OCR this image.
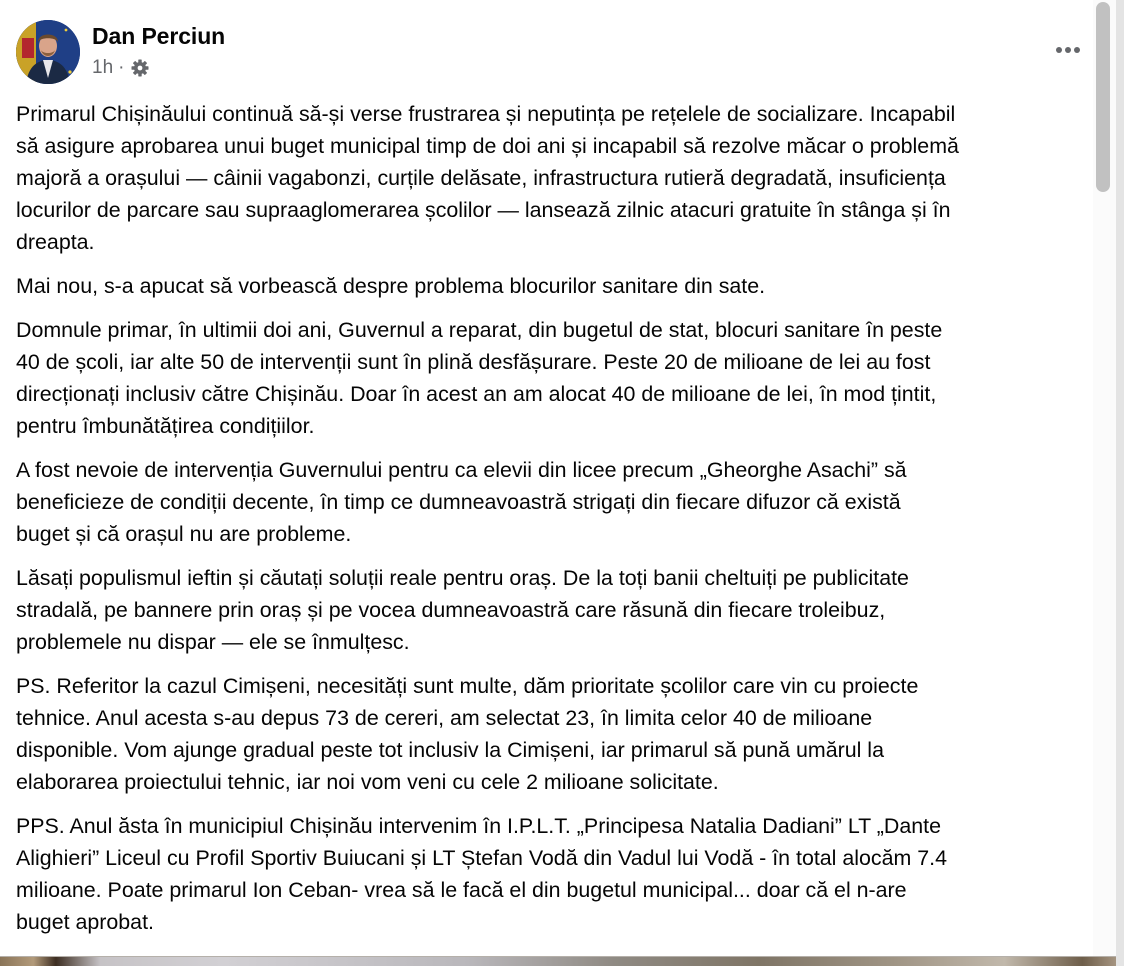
Dan Perciun
1h ·

Primarul Chișinăului continuă să-și verse frustrarea și neputința pe rețelele de socializare. Incapabil
să asigure aprobarea unui buget municipal timp de doi ani și incapabil să rezolve măcar o problemă
majoră a orașului — câinii vagabonzi, curțile delăsate, infrastructura rutieră degradată, insuficiența
locurilor de parcare sau supraaglomerarea școlilor — lansează zilnic atacuri gratuite în stânga și în
dreapta.

Mai nou, s-a apucat să vorbească despre problema blocurilor sanitare din sate.

Domnule primar, în ultimii doi ani, Guvernul a reparat, din bugetul de stat, blocuri sanitare în peste
40 de școli, iar alte 50 de intervenții sunt în plină desfășurare. Peste 20 de milioane de lei au fost
direcționați inclusiv către Chișinău. Doar în acest an am alocat 40 de milioane de lei, în mod țintit,
pentru îmbunătățirea condițiilor.

A fost nevoie de intervenția Guvernului pentru ca elevii din licee precum „Gheorghe Asachi” să
beneficieze de condiții decente, în timp ce dumneavoastră strigați din fiecare difuzor că există
buget și că orașul nu are probleme.

Lăsați populismul ieftin și căutați soluții reale pentru oraș. De la toți banii cheltuiți pe publicitate
stradală, pe bannere prin oraș și pe vocea dumneavoastră care răsună din fiecare troleibuz,
problemele nu dispar — ele se înmulțesc.

PS. Referitor la cazul Cimișeni, necesități sunt multe, dăm prioritate școlilor care vin cu proiecte
tehnice. Anul acesta s-au depus 73 de cereri, am selectat 23, în limita celor 40 de milioane
disponible. Vom ajunge gradual peste tot inclusiv la Cimișeni, iar primarul să pună umărul la
elaborarea proiectului tehnic, iar noi vom veni cu cele 2 milioane solicitate.

PPS. Anul ăsta în municipiul Chișinău intervenim în I.P.L.T. „Principesa Natalia Dadiani” LT „Dante
Alighieri” Liceul cu Profil Sportiv Buiucani și LT Ștefan Vodă din Vadul lui Vodă - în total alocăm 7.4
milioane. Poate primarul Ion Ceban- vrea să le facă el din bugetul municipal... doar că el n-are
buget aprobat.
